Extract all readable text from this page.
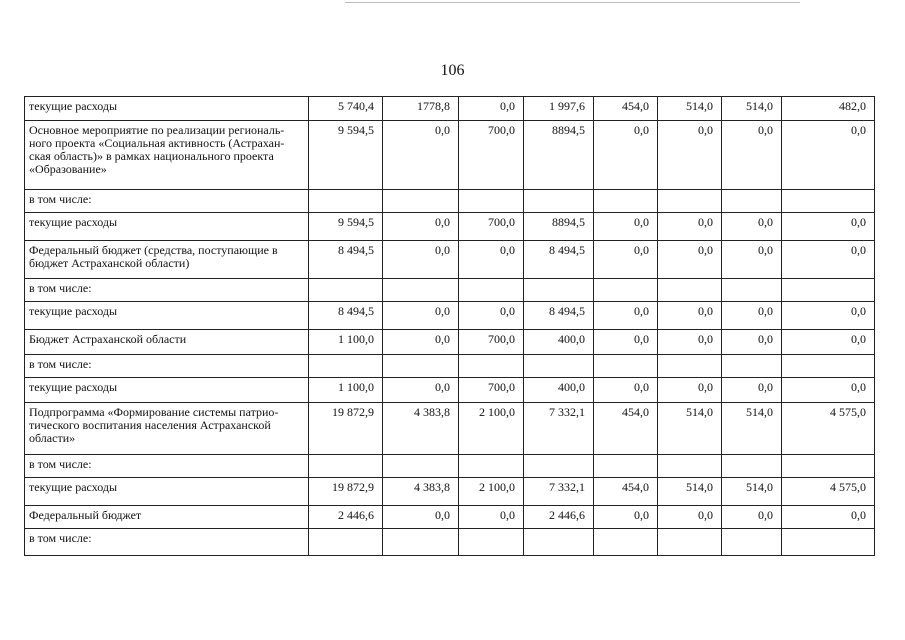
106
текущие расходы	5 740,4	1778,8	0,0	1 997,6	454,0	514,0	514,0	482,0
Основное мероприятие по реализации региональ-ного проекта «Социальная активность (Астрахан-ская область)» в рамках национального проекта «Образование»	9 594,5	0,0	700,0	8894,5	0,0	0,0	0,0	0,0
в том числе:								
текущие расходы	9 594,5	0,0	700,0	8894,5	0,0	0,0	0,0	0,0
Федеральный бюджет (средства, поступающие в бюджет Астраханской области)	8 494,5	0,0	0,0	8 494,5	0,0	0,0	0,0	0,0
в том числе:								
текущие расходы	8 494,5	0,0	0,0	8 494,5	0,0	0,0	0,0	0,0
Бюджет Астраханской области	1 100,0	0,0	700,0	400,0	0,0	0,0	0,0	0,0
в том числе:								
текущие расходы	1 100,0	0,0	700,0	400,0	0,0	0,0	0,0	0,0
Подпрограмма «Формирование системы патрио-тического воспитания населения Астраханской области»	19 872,9	4 383,8	2 100,0	7 332,1	454,0	514,0	514,0	4 575,0
в том числе:								
текущие расходы	19 872,9	4 383,8	2 100,0	7 332,1	454,0	514,0	514,0	4 575,0
Федеральный бюджет	2 446,6	0,0	0,0	2 446,6	0,0	0,0	0,0	0,0
в том числе:								
